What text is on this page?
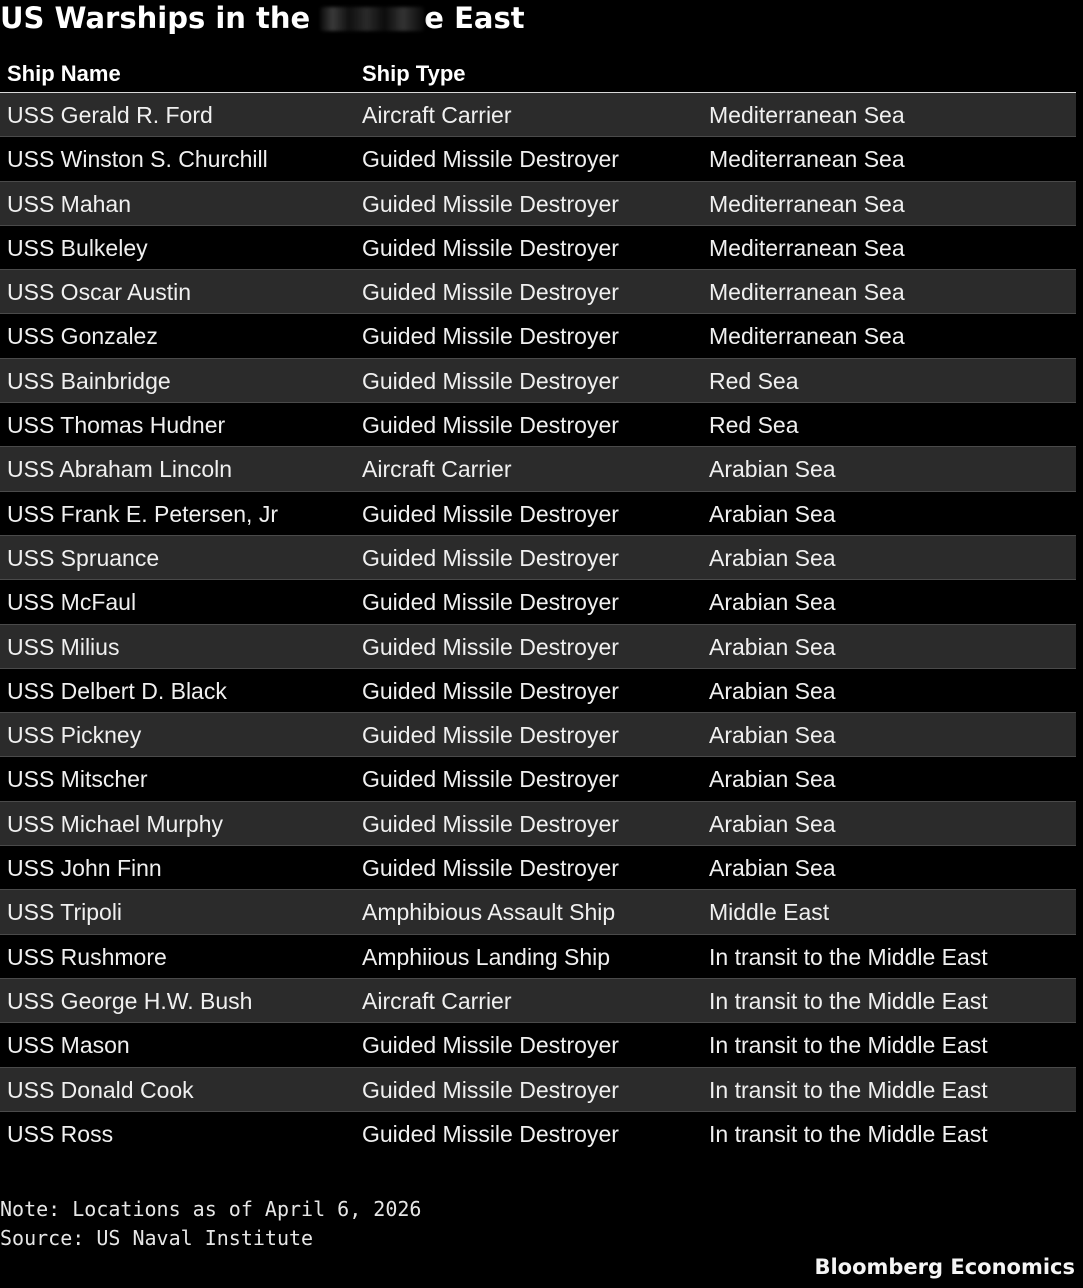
US Warships in the	e East
Ship Name	Ship Type
USS Gerald R. Ford	Aircraft Carrier	Mediterranean Sea
USS Winston S. Churchill	Guided Missile Destroyer	Mediterranean Sea
USS Mahan	Guided Missile Destroyer	Mediterranean Sea
USS Bulkeley	Guided Missile Destroyer	Mediterranean Sea
USS Oscar Austin	Guided Missile Destroyer	Mediterranean Sea
USS Gonzalez	Guided Missile Destroyer	Mediterranean Sea
USS Bainbridge	Guided Missile Destroyer	Red Sea
USS Thomas Hudner	Guided Missile Destroyer	Red Sea
USS Abraham Lincoln	Aircraft Carrier	Arabian Sea
USS Frank E. Petersen, Jr	Guided Missile Destroyer	Arabian Sea
USS Spruance	Guided Missile Destroyer	Arabian Sea
USS McFaul	Guided Missile Destroyer	Arabian Sea
USS Milius	Guided Missile Destroyer	Arabian Sea
USS Delbert D. Black	Guided Missile Destroyer	Arabian Sea
USS Pickney	Guided Missile Destroyer	Arabian Sea
USS Mitscher	Guided Missile Destroyer	Arabian Sea
USS Michael Murphy	Guided Missile Destroyer	Arabian Sea
USS John Finn	Guided Missile Destroyer	Arabian Sea
USS Tripoli	Amphibious Assault Ship	Middle East
USS Rushmore	Amphiious Landing Ship	In transit to the Middle East
USS George H.W. Bush	Aircraft Carrier	In transit to the Middle East
USS Mason	Guided Missile Destroyer	In transit to the Middle East
USS Donald Cook	Guided Missile Destroyer	In transit to the Middle East
USS Ross	Guided Missile Destroyer	In transit to the Middle East
Note: Locations as of April 6, 2026
Source: US Naval Institute
Bloomberg Economics
